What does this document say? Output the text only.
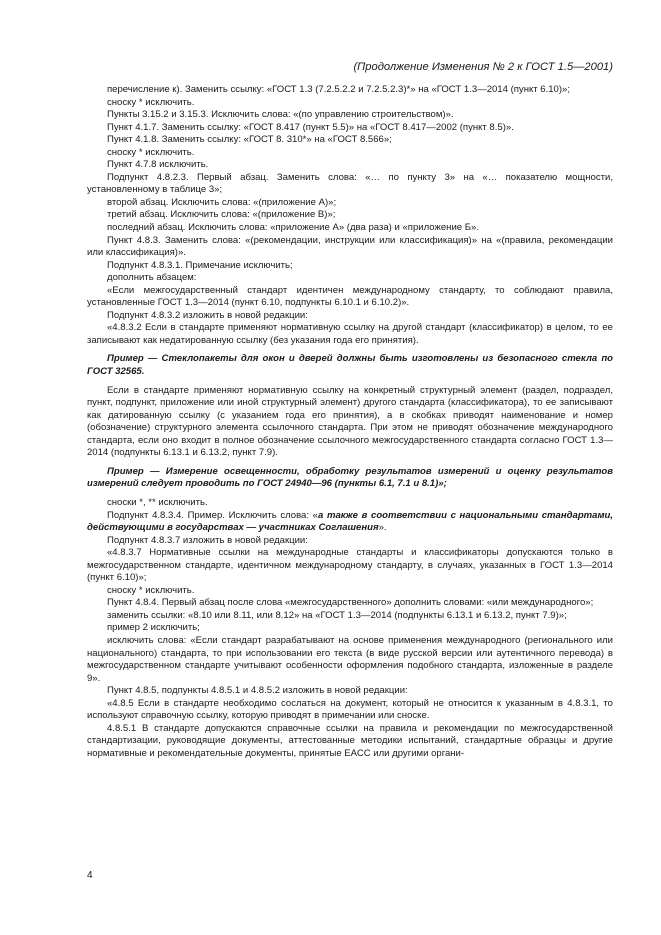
(Продолжение Изменения № 2 к ГОСТ 1.5—2001)

перечисление к). Заменить ссылку: «ГОСТ 1.3 (7.2.5.2.2 и 7.2.5.2.3)*» на «ГОСТ 1.3—2014 (пункт 6.10)»;

сноску * исключить.

Пункты 3.15.2 и 3.15.3. Исключить слова: «(по управлению строительством)».

Пункт 4.1.7. Заменить ссылку: «ГОСТ 8.417 (пункт 5.5)» на «ГОСТ 8.417—2002 (пункт 8.5)».

Пункт 4.1.8. Заменить ссылку: «ГОСТ 8. 310*» на «ГОСТ 8.566»;

сноску * исключить.

Пункт 4.7.8 исключить.

Подпункт 4.8.2.3. Первый абзац. Заменить слова: «… по пункту 3» на «… показателю мощности, установленному в таблице 3»;

второй абзац. Исключить слова: «(приложение А)»;

третий абзац. Исключить слова: «(приложение В)»;

последний абзац. Исключить слова: «приложение А» (два раза) и «приложение Б».

Пункт 4.8.3. Заменить слова: «(рекомендации, инструкции или классификация)» на «(правила, рекомендации или классификация)».

Подпункт 4.8.3.1. Примечание исключить;

дополнить абзацем:

«Если межгосударственный стандарт идентичен международному стандарту, то соблюдают правила, установленные ГОСТ 1.3—2014 (пункт 6.10, подпункты 6.10.1 и 6.10.2)».

Подпункт 4.8.3.2 изложить в новой редакции:

«4.8.3.2 Если в стандарте применяют нормативную ссылку на другой стандарт (классификатор) в целом, то ее записывают как недатированную ссылку (без указания года его принятия).

Пример — Стеклопакеты для окон и дверей должны быть изготовлены из безопасного стекла по ГОСТ 32565.

Если в стандарте применяют нормативную ссылку на конкретный структурный элемент (раздел, подраздел, пункт, подпункт, приложение или иной структурный элемент) другого стандарта (классификатора), то ее записывают как датированную ссылку (с указанием года его принятия), а в скобках приводят наименование и номер (обозначение) структурного элемента ссылочного стандарта. При этом не приводят обозначение международного стандарта, если оно входит в полное обозначение ссылочного межгосударственного стандарта согласно ГОСТ 1.3—2014 (подпункты 6.13.1 и 6.13.2, пункт 7.9).

Пример — Измерение освещенности, обработку результатов измерений и оценку результатов измерений следует проводить по ГОСТ 24940—96 (пункты 6.1, 7.1 и 8.1)»;

сноски *, ** исключить.

Подпункт 4.8.3.4. Пример. Исключить слова: «а также в соответствии с национальными стандартами, действующими в государствах — участниках Соглашения».

Подпункт 4.8.3.7 изложить в новой редакции:

«4.8.3.7 Нормативные ссылки на международные стандарты и классификаторы допускаются только в межгосударственном стандарте, идентичном международному стандарту, в случаях, указанных в ГОСТ 1.3—2014 (пункт 6.10)»;

сноску * исключить.

Пункт 4.8.4. Первый абзац после слова «межгосударственного» дополнить словами: «или международного»;

заменить ссылки: «8.10 или 8.11, или 8.12» на «ГОСТ 1.3—2014 (подпункты 6.13.1 и 6.13.2, пункт 7.9)»;

пример 2 исключить;

исключить слова: «Если стандарт разрабатывают на основе применения международного (регионального или национального) стандарта, то при использовании его текста (в виде русской версии или аутентичного перевода) в межгосударственном стандарте учитывают особенности оформления подобного стандарта, изложенные в разделе 9».

Пункт 4.8.5, подпункты 4.8.5.1 и 4.8.5.2 изложить в новой редакции:

«4.8.5 Если в стандарте необходимо сослаться на документ, который не относится к указанным в 4.8.3.1, то используют справочную ссылку, которую приводят в примечании или сноске.

4.8.5.1 В стандарте допускаются справочные ссылки на правила и рекомендации по межгосударственной стандартизации, руководящие документы, аттестованные методики испытаний, стандартные образцы и другие нормативные и рекомендательные документы, принятые ЕАСС или другими органи-

4
